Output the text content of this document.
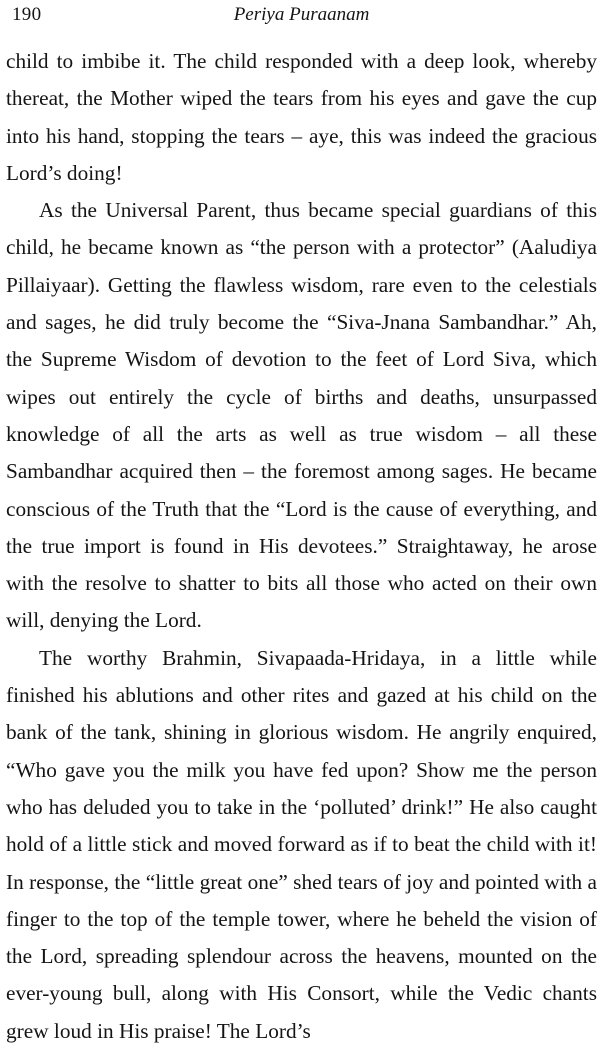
190	Periya Puraanam

child to imbibe it. The child responded with a deep look, whereby thereat, the Mother wiped the tears from his eyes and gave the cup into his hand, stopping the tears – aye, this was indeed the gracious Lord’s doing!

As the Universal Parent, thus became special guardians of this child, he became known as “the person with a protector” (Aaludiya Pillaiyaar). Getting the flawless wisdom, rare even to the celestials and sages, he did truly become the “Siva-Jnana Sambandhar.” Ah, the Supreme Wisdom of devotion to the feet of Lord Siva, which wipes out entirely the cycle of births and deaths, unsurpassed knowledge of all the arts as well as true wisdom – all these Sambandhar acquired then – the foremost among sages. He became conscious of the Truth that the “Lord is the cause of everything, and the true import is found in His devotees.” Straightaway, he arose with the resolve to shatter to bits all those who acted on their own will, denying the Lord.

The worthy Brahmin, Sivapaada-Hridaya, in a little while finished his ablutions and other rites and gazed at his child on the bank of the tank, shining in glorious wisdom. He angrily enquired, “Who gave you the milk you have fed upon? Show me the person who has deluded you to take in the ‘polluted’ drink!” He also caught hold of a little stick and moved forward as if to beat the child with it! In response, the “little great one” shed tears of joy and pointed with a finger to the top of the temple tower, where he beheld the vision of the Lord, spreading splendour across the heavens, mounted on the ever-young bull, along with His Consort, while the Vedic chants grew loud in His praise! The Lord’s
